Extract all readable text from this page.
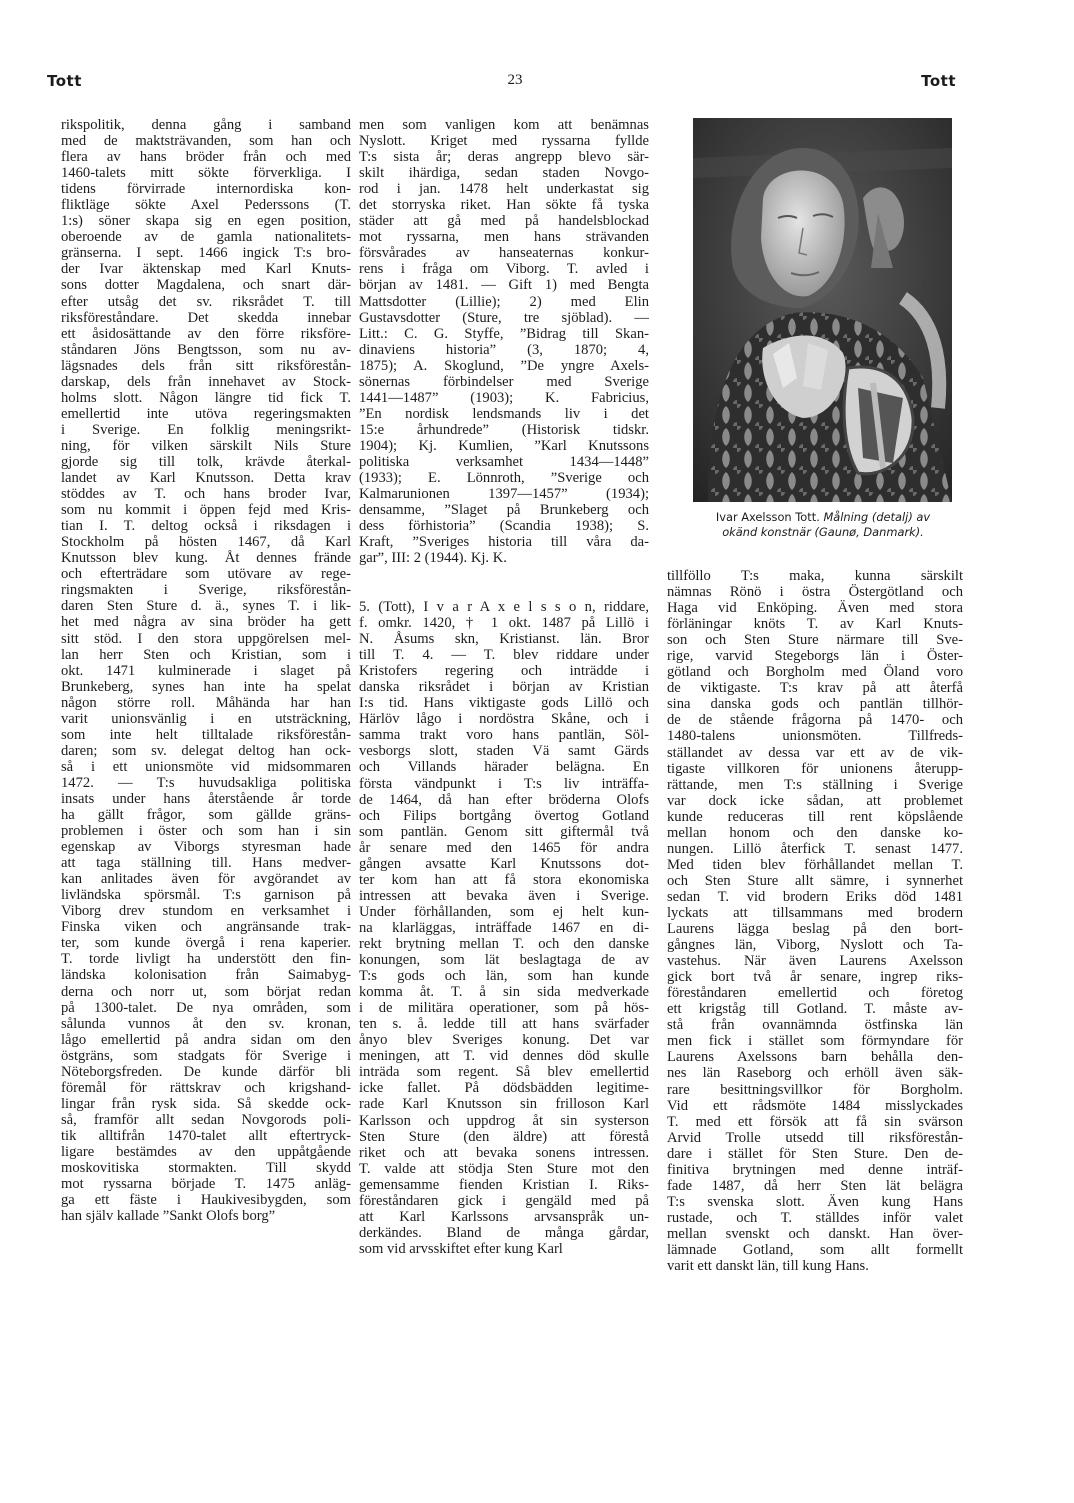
Tott	23	Tott
rikspolitik, denna gång i samband
med de maktsträvanden, som han och
flera av hans bröder från och med
1460-talets mitt sökte förverkliga. I
tidens förvirrade internordiska kon-
fliktläge sökte Axel Pederssons (T.
1:s) söner skapa sig en egen position,
oberoende av de gamla nationalitets-
gränserna. I sept. 1466 ingick T:s bro-
der Ivar äktenskap med Karl Knuts-
sons dotter Magdalena, och snart där-
efter utsåg det sv. riksrådet T. till
riksföreståndare. Det skedda innebar
ett åsidosättande av den förre riksföre-
ståndaren Jöns Bengtsson, som nu av-
lägsnades dels från sitt riksförestån-
darskap, dels från innehavet av Stock-
holms slott. Någon längre tid fick T.
emellertid inte utöva regeringsmakten
i Sverige. En folklig meningsrikt-
ning, för vilken särskilt Nils Sture
gjorde sig till tolk, krävde återkal-
landet av Karl Knutsson. Detta krav
stöddes av T. och hans broder Ivar,
som nu kommit i öppen fejd med Kris-
tian I. T. deltog också i riksdagen i
Stockholm på hösten 1467, då Karl
Knutsson blev kung. Åt dennes frände
och efterträdare som utövare av rege-
ringsmakten i Sverige, riksförestån-
daren Sten Sture d. ä., synes T. i lik-
het med några av sina bröder ha gett
sitt stöd. I den stora uppgörelsen mel-
lan herr Sten och Kristian, som i
okt. 1471 kulminerade i slaget på
Brunkeberg, synes han inte ha spelat
någon större roll. Måhända har han
varit unionsvänlig i en utsträckning,
som inte helt tilltalade riksförestån-
daren; som sv. delegat deltog han ock-
så i ett unionsmöte vid midsommaren
1472. — T:s huvudsakliga politiska
insats under hans återstående år torde
ha gällt frågor, som gällde gräns-
problemen i öster och som han i sin
egenskap av Viborgs styresman hade
att taga ställning till. Hans medver-
kan anlitades även för avgörandet av
livländska spörsmål. T:s garnison på
Viborg drev stundom en verksamhet i
Finska viken och angränsande trak-
ter, som kunde övergå i rena kaperier.
T. torde livligt ha understött den fin-
ländska kolonisation från Saimabyg-
derna och norr ut, som börjat redan
på 1300-talet. De nya områden, som
sålunda vunnos åt den sv. kronan,
lågo emellertid på andra sidan om den
östgräns, som stadgats för Sverige i
Nöteborgsfreden. De kunde därför bli
föremål för rättskrav och krigshand-
lingar från rysk sida. Så skedde ock-
så, framför allt sedan Novgorods poli-
tik alltifrån 1470-talet allt eftertryck-
ligare bestämdes av den uppåtgående
moskovitiska stormakten. Till skydd
mot ryssarna började T. 1475 anläg-
ga ett fäste i Haukivesibygden, som
han själv kallade ”Sankt Olofs borg”
men som vanligen kom att benämnas
Nyslott. Kriget med ryssarna fyllde
T:s sista år; deras angrepp blevo sär-
skilt ihärdiga, sedan staden Novgo-
rod i jan. 1478 helt underkastat sig
det storryska riket. Han sökte få tyska
städer att gå med på handelsblockad
mot ryssarna, men hans strävanden
försvårades av hanseaternas konkur-
rens i fråga om Viborg. T. avled i
början av 1481. — Gift 1) med Bengta
Mattsdotter (Lillie); 2) med Elin
Gustavsdotter (Sture, tre sjöblad). —
Litt.: C. G. Styffe, ”Bidrag till Skan-
dinaviens historia” (3, 1870; 4,
1875); A. Skoglund, ”De yngre Axels-
sönernas förbindelser med Sverige
1441—1487” (1903); K. Fabricius,
”En nordisk lendsmands liv i det
15:e århundrede” (Historisk tidskr.
1904); Kj. Kumlien, ”Karl Knutssons
politiska verksamhet 1434—1448”
(1933); E. Lönnroth, ”Sverige och
Kalmarunionen 1397—1457” (1934);
densamme, ”Slaget på Brunkeberg och
dess förhistoria” (Scandia 1938); S.
Kraft, ”Sveriges historia till våra da-
gar”, III: 2 (1944). Kj. K.
5. (Tott), I v a r A x e l s s o n, riddare,
f. omkr. 1420, † 1 okt. 1487 på Lillö i
N. Åsums skn, Kristianst. län. Bror
till T. 4. — T. blev riddare under
Kristofers regering och inträdde i
danska riksrådet i början av Kristian
I:s tid. Hans viktigaste gods Lillö och
Härlöv lågo i nordöstra Skåne, och i
samma trakt voro hans pantlän, Söl-
vesborgs slott, staden Vä samt Gärds
och Villands härader belägna. En
första vändpunkt i T:s liv inträffa-
de 1464, då han efter bröderna Olofs
och Filips bortgång övertog Gotland
som pantlän. Genom sitt giftermål två
år senare med den 1465 för andra
gången avsatte Karl Knutssons dot-
ter kom han att få stora ekonomiska
intressen att bevaka även i Sverige.
Under förhållanden, som ej helt kun-
na klarläggas, inträffade 1467 en di-
rekt brytning mellan T. och den danske
konungen, som lät beslagtaga de av
T:s gods och län, som han kunde
komma åt. T. å sin sida medverkade
i de militära operationer, som på hös-
ten s. å. ledde till att hans svärfader
ånyo blev Sveriges konung. Det var
meningen, att T. vid dennes död skulle
inträda som regent. Så blev emellertid
icke fallet. På dödsbädden legitime-
rade Karl Knutsson sin frilloson Karl
Karlsson och uppdrog åt sin systerson
Sten Sture (den äldre) att förestå
riket och att bevaka sonens intressen.
T. valde att stödja Sten Sture mot den
gemensamme fienden Kristian I. Riks-
föreståndaren gick i gengäld med på
att Karl Karlssons arvsanspråk un-
derkändes. Bland de många gårdar,
som vid arvsskiftet efter kung Karl
tillföllo T:s maka, kunna särskilt
nämnas Rönö i östra Östergötland och
Haga vid Enköping. Även med stora
förläningar knöts T. av Karl Knuts-
son och Sten Sture närmare till Sve-
rige, varvid Stegeborgs län i Öster-
götland och Borgholm med Öland voro
de viktigaste. T:s krav på att återfå
sina danska gods och pantlän tillhör-
de de stående frågorna på 1470- och
1480-talens unionsmöten. Tillfreds-
ställandet av dessa var ett av de vik-
tigaste villkoren för unionens återupp-
rättande, men T:s ställning i Sverige
var dock icke sådan, att problemet
kunde reduceras till rent köpslående
mellan honom och den danske ko-
nungen. Lillö återfick T. senast 1477.
Med tiden blev förhållandet mellan T.
och Sten Sture allt sämre, i synnerhet
sedan T. vid brodern Eriks död 1481
lyckats att tillsammans med brodern
Laurens lägga beslag på den bort-
gångnes län, Viborg, Nyslott och Ta-
vastehus. När även Laurens Axelsson
gick bort två år senare, ingrep riks-
föreståndaren emellertid och företog
ett krigståg till Gotland. T. måste av-
stå från ovannämnda östfinska län
men fick i stället som förmyndare för
Laurens Axelssons barn behålla den-
nes län Raseborg och erhöll även säk-
rare besittningsvillkor för Borgholm.
Vid ett rådsmöte 1484 misslyckades
T. med ett försök att få sin svärson
Arvid Trolle utsedd till riksförestån-
dare i stället för Sten Sture. Den de-
finitiva brytningen med denne inträf-
fade 1487, då herr Sten lät belägra
T:s svenska slott. Även kung Hans
rustade, och T. ställdes inför valet
mellan svenskt och danskt. Han över-
lämnade Gotland, som allt formellt
varit ett danskt län, till kung Hans.
Ivar Axelsson Tott. Målning (detalj) av
okänd konstnär (Gaunø, Danmark).
